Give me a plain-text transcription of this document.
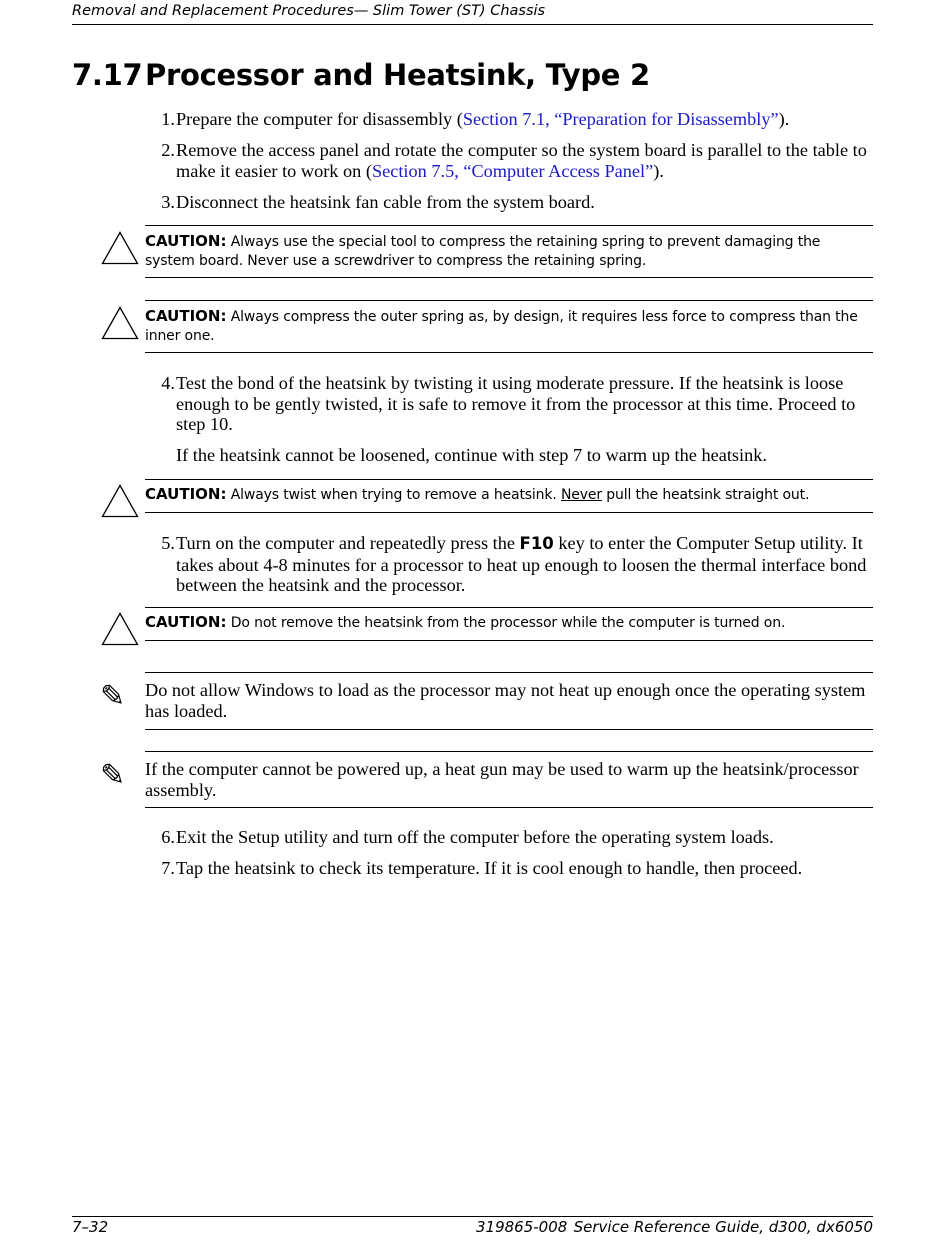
Removal and Replacement Procedures— Slim Tower (ST) Chassis
7.17Processor and Heatsink, Type 2
1. Prepare the computer for disassembly (Section 7.1, “Preparation for Disassembly”).
2. Remove the access panel and rotate the computer so the system board is parallel to the table to make it easier to work on (Section 7.5, “Computer Access Panel”).
3. Disconnect the heatsink fan cable from the system board.
CAUTION: Always use the special tool to compress the retaining spring to prevent damaging the system board. Never use a screwdriver to compress the retaining spring.
CAUTION: Always compress the outer spring as, by design, it requires less force to compress than the inner one.
4. Test the bond of the heatsink by twisting it using moderate pressure. If the heatsink is loose enough to be gently twisted, it is safe to remove it from the processor at this time. Proceed to step 10.
If the heatsink cannot be loosened, continue with step 7 to warm up the heatsink.
CAUTION: Always twist when trying to remove a heatsink. Never pull the heatsink straight out.
5. Turn on the computer and repeatedly press the F10 key to enter the Computer Setup utility. It takes about 4-8 minutes for a processor to heat up enough to loosen the thermal interface bond between the heatsink and the processor.
CAUTION: Do not remove the heatsink from the processor while the computer is turned on.
✎	Do not allow Windows to load as the processor may not heat up enough once the operating system has loaded.
✎	If the computer cannot be powered up, a heat gun may be used to warm up the heatsink/processor assembly.
6. Exit the Setup utility and turn off the computer before the operating system loads.
7. Tap the heatsink to check its temperature. If it is cool enough to handle, then proceed.
7–32	319865-008 Service Reference Guide, d300, dx6050
